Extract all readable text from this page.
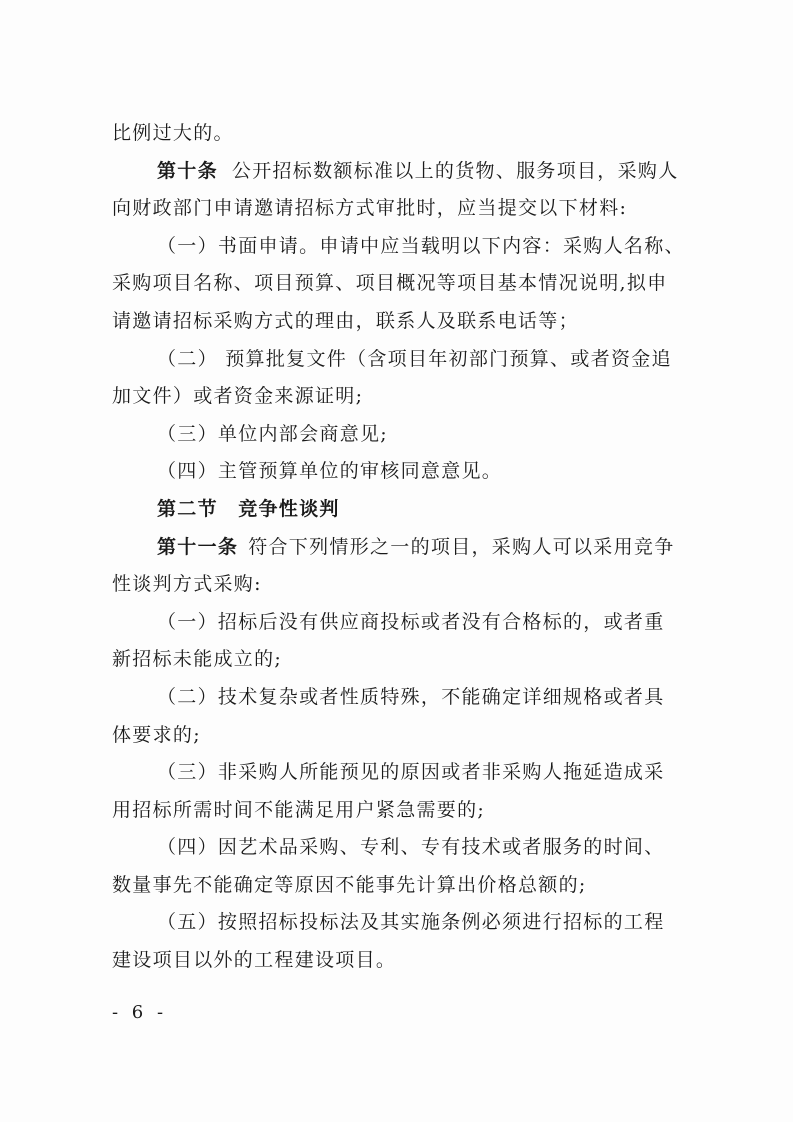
比例过大的。
第十条 公开招标数额标准以上的货物、服务项目，采购人
向财政部门申请邀请招标方式审批时，应当提交以下材料:
（一）书面申请。申请中应当载明以下内容：采购人名称、
采购项目名称、项目预算、项目概况等项目基本情况说明,拟申
请邀请招标采购方式的理由，联系人及联系电话等；
（二） 预算批复文件（含项目年初部门预算、或者资金追
加文件）或者资金来源证明;
（三）单位内部会商意见;
（四）主管预算单位的审核同意意见。
第二节　竞争性谈判
第十一条 符合下列情形之一的项目，采购人可以采用竞争
性谈判方式采购:
（一）招标后没有供应商投标或者没有合格标的，或者重
新招标未能成立的;
（二）技术复杂或者性质特殊，不能确定详细规格或者具
体要求的;
（三）非采购人所能预见的原因或者非采购人拖延造成采
用招标所需时间不能满足用户紧急需要的;
（四）因艺术品采购、专利、专有技术或者服务的时间、
数量事先不能确定等原因不能事先计算出价格总额的;
（五）按照招标投标法及其实施条例必须进行招标的工程
建设项目以外的工程建设项目。
- 6 -
